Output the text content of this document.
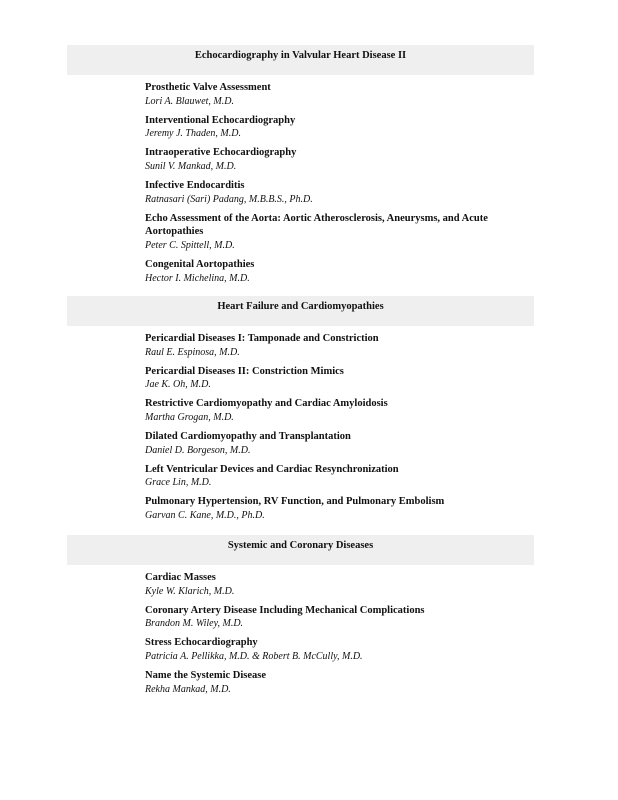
Echocardiography in Valvular Heart Disease II
Prosthetic Valve Assessment
Lori A. Blauwet, M.D.
Interventional Echocardiography
Jeremy J. Thaden, M.D.
Intraoperative Echocardiography
Sunil V. Mankad, M.D.
Infective Endocarditis
Ratnasari (Sari) Padang, M.B.B.S., Ph.D.
Echo Assessment of the Aorta: Aortic Atherosclerosis, Aneurysms, and Acute Aortopathies
Peter C. Spittell, M.D.
Congenital Aortopathies
Hector I. Michelina, M.D.
Heart Failure and Cardiomyopathies
Pericardial Diseases I: Tamponade and Constriction
Raul E. Espinosa, M.D.
Pericardial Diseases II: Constriction Mimics
Jae K. Oh, M.D.
Restrictive Cardiomyopathy and Cardiac Amyloidosis
Martha Grogan, M.D.
Dilated Cardiomyopathy and Transplantation
Daniel D. Borgeson, M.D.
Left Ventricular Devices and Cardiac Resynchronization
Grace Lin, M.D.
Pulmonary Hypertension, RV Function, and Pulmonary Embolism
Garvan C. Kane, M.D., Ph.D.
Systemic and Coronary Diseases
Cardiac Masses
Kyle W. Klarich, M.D.
Coronary Artery Disease Including Mechanical Complications
Brandon M. Wiley, M.D.
Stress Echocardiography
Patricia A. Pellikka, M.D. & Robert B. McCully, M.D.
Name the Systemic Disease
Rekha Mankad, M.D.
